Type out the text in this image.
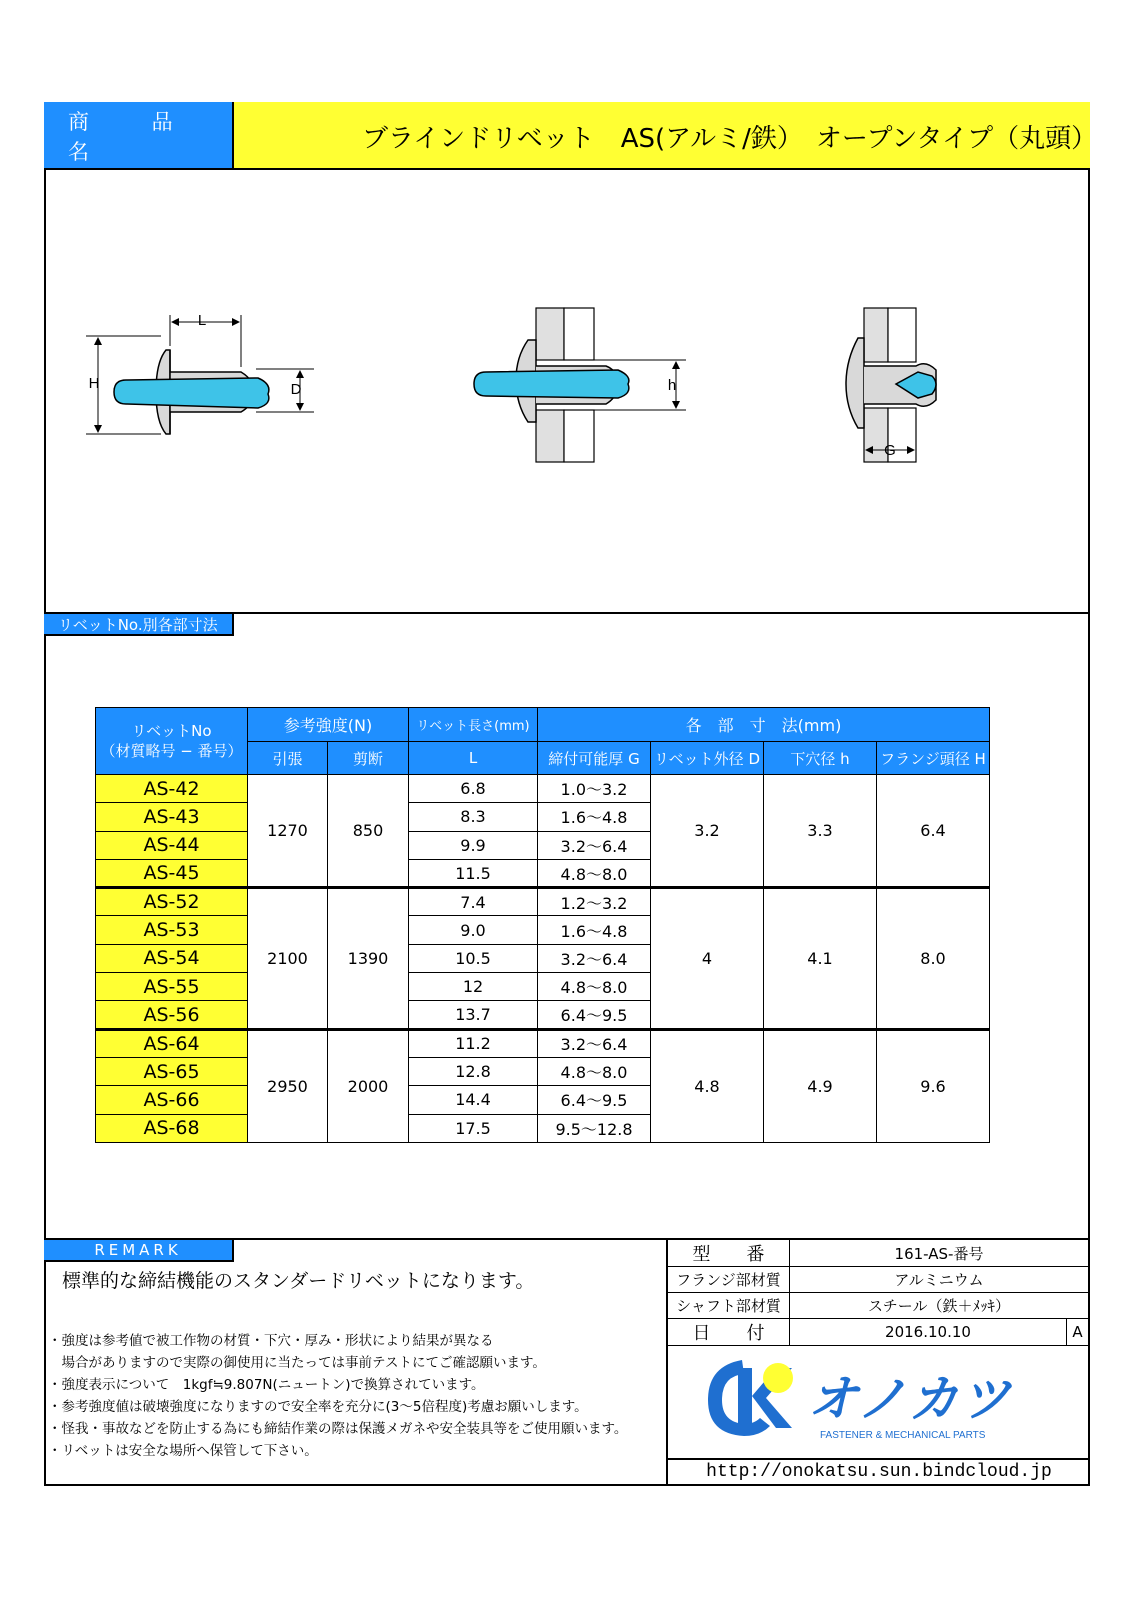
商 品 名	ブラインドリベット　AS(アルミ/鉄）　オープンタイプ（丸頭）
L
H	D	h
G
リベットNo.別各部寸法
リベットNo
（材質略号 − 番号）	参考強度(N)		リベット長さ(mm)	各　部　寸　法(mm)			
	引張	剪断	L	締付可能厚 G	リベット外径 D	下穴径 h	フランジ頭径 H
AS-42	1270	850	6.8	1.0〜3.2	3.2	3.3	6.4
AS-43			8.3	1.6〜4.8			
AS-44			9.9	3.2〜6.4			
AS-45			11.5	4.8〜8.0			
AS-52	2100	1390	7.4	1.2〜3.2	4	4.1	8.0
AS-53			9.0	1.6〜4.8			
AS-54			10.5	3.2〜6.4			
AS-55			12	4.8〜8.0			
AS-56			13.7	6.4〜9.5			
AS-64	2950	2000	11.2	3.2〜6.4	4.8	4.9	9.6
AS-65			12.8	4.8〜8.0			
AS-66			14.4	6.4〜9.5			
AS-68			17.5	9.5〜12.8			
REMARK
標準的な締結機能のスタンダードリベットになります。
・強度は参考値で被工作物の材質・下穴・厚み・形状により結果が異なる
　場合がありますので実際の御使用に当たっては事前テストにてご確認願います。
・強度表示について　1kgf≒9.807N(ニュートン)で換算されています。
・参考強度値は破壊強度になりますので安全率を充分に(3〜5倍程度)考慮お願いします。
・怪我・事故などを防止する為にも締結作業の際は保護メガネや安全装具等をご使用願います。
・リベットは安全な場所へ保管して下さい。
型　　番	161-AS-番号	
フランジ部材質	アルミニウム	
シャフト部材質	スチール（鉄＋ﾒｯｷ）	
日　　付	2016.10.10	A
オノカツ
FASTENER & MECHANICAL PARTS
http://onokatsu.sun.bindcloud.jp
